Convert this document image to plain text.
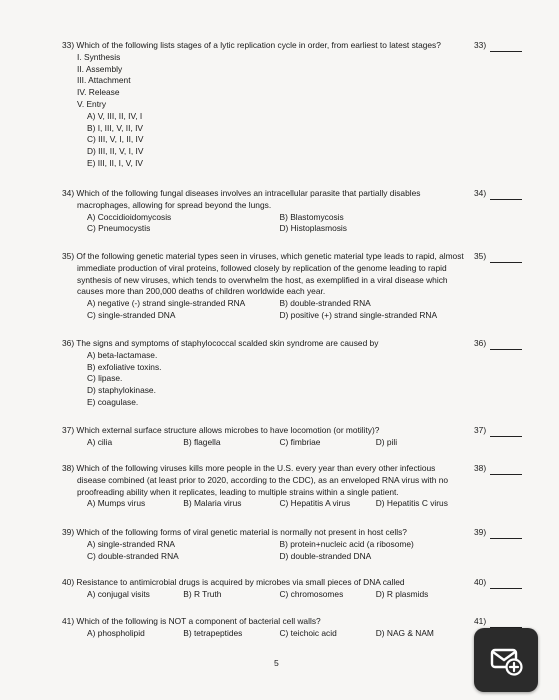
33) Which of the following lists stages of a lytic replication cycle in order, from earliest to latest stages?
I. Synthesis
II. Assembly
III. Attachment
IV. Release
V. Entry
A) V, III, II, IV, I
B) I, III, V, II, IV
C) III, V, I, II, IV
D) III, II, V, I, IV
E) III, II, I, V, IV
33)
34) Which of the following fungal diseases involves an intracellular parasite that partially disables
macrophages, allowing for spread beyond the lungs.
A) Coccidioidomycosis	B) Blastomycosis
C) Pneumocystis	D) Histoplasmosis
34)
35) Of the following genetic material types seen in viruses, which genetic material type leads to rapid, almost
immediate production of viral proteins, followed closely by replication of the genome leading to rapid
synthesis of new viruses, which tends to overwhelm the host, as exemplified in a viral disease which
causes more than 200,000 deaths of children worldwide each year.
A) negative (-) strand single-stranded RNA	B) double-stranded RNA
C) single-stranded DNA	D) positive (+) strand single-stranded RNA
35)
36) The signs and symptoms of staphylococcal scalded skin syndrome are caused by
A) beta-lactamase.
B) exfoliative toxins.
C) lipase.
D) staphylokinase.
E) coagulase.
36)
37) Which external surface structure allows microbes to have locomotion (or motility)?
A) cilia	B) flagella	C) fimbriae	D) pili
37)
38) Which of the following viruses kills more people in the U.S. every year than every other infectious
disease combined (at least prior to 2020, according to the CDC), as an enveloped RNA virus with no
proofreading ability when it replicates, leading to multiple strains within a single patient.
A) Mumps virus	B) Malaria virus	C) Hepatitis A virus	D) Hepatitis C virus
38)
39) Which of the following forms of viral genetic material is normally not present in host cells?
A) single-stranded RNA	B) protein+nucleic acid (a ribosome)
C) double-stranded RNA	D) double-stranded DNA
39)
40) Resistance to antimicrobial drugs is acquired by microbes via small pieces of DNA called
A) conjugal visits	B) R Truth	C) chromosomes	D) R plasmids
40)
41) Which of the following is NOT a component of bacterial cell walls?
A) phospholipid	B) tetrapeptides	C) teichoic acid	D) NAG & NAM
41)
5
